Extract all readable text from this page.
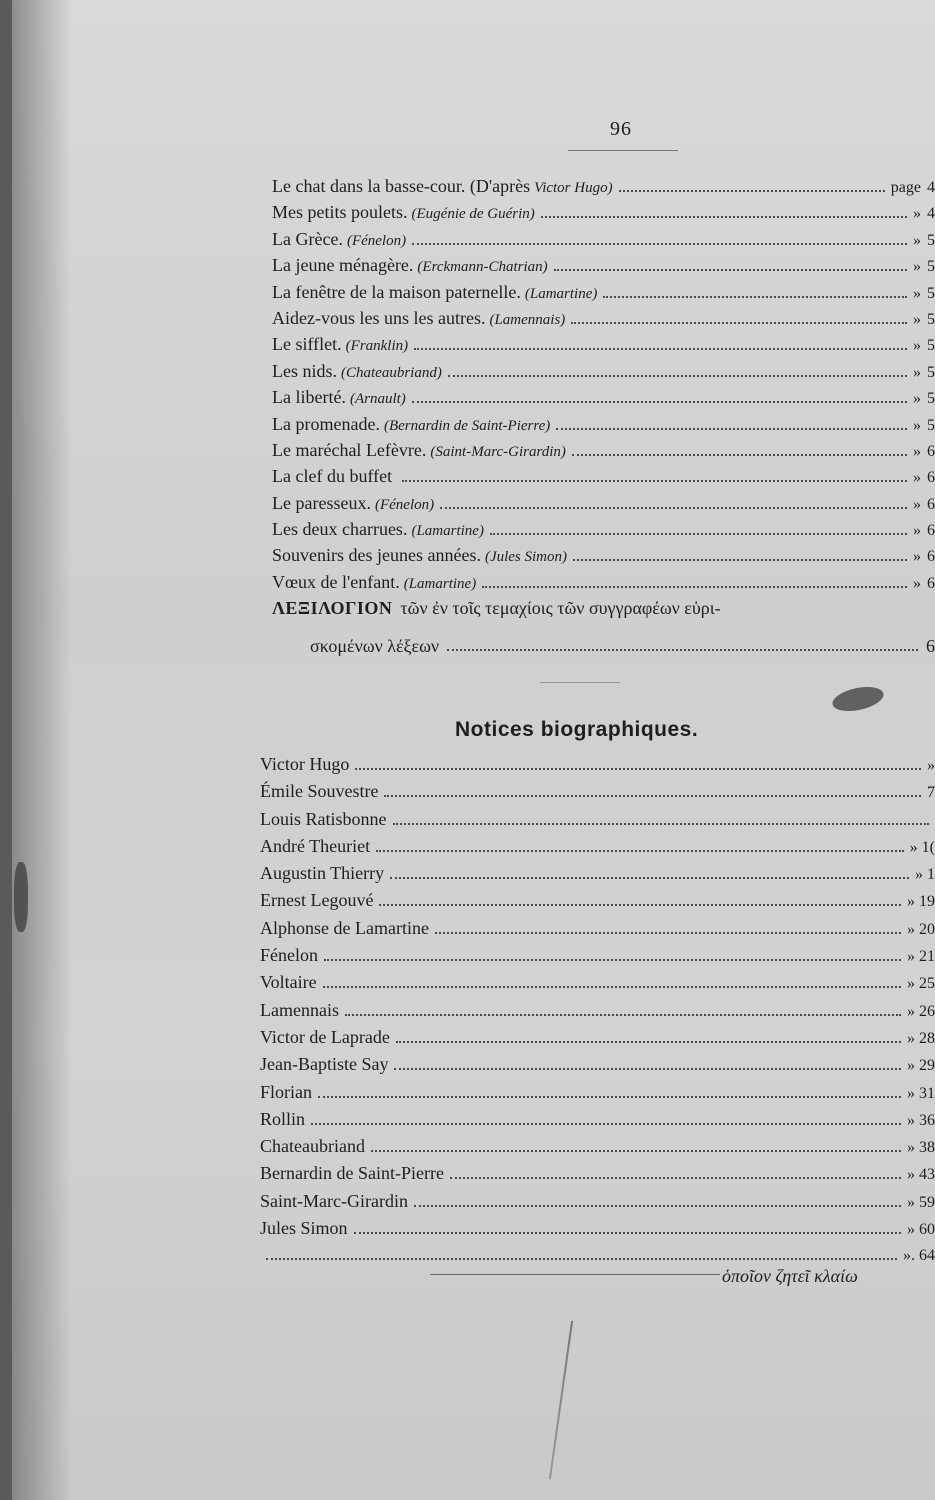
96
Le chat dans la basse-cour. (D'après Victor Hugo)	page 4
Mes petits poulets. (Eugénie de Guérin)	» 4
La Grèce. (Fénelon)	» 5
La jeune ménagère. (Erckmann-Chatrian)	» 5
La fenêtre de la maison paternelle. (Lamartine)	» 5
Aidez-vous les uns les autres. (Lamennais)	» 5
Le sifflet. (Franklin)	» 5
Les nids. (Chateaubriand)	» 5
La liberté. (Arnault)	» 5
La promenade. (Bernardin de Saint-Pierre)	» 5
Le maréchal Lefèvre. (Saint-Marc-Girardin)	» 6
La clef du buffet	» 6
Le paresseux. (Fénelon)	» 6
Les deux charrues. (Lamartine)	» 6
Souvenirs des jeunes années. (Jules Simon)	» 6
Vœux de l'enfant. (Lamartine)	» 6
ΛΕΞΙΛΟΓΙΟΝ τῶν ἐν τοῖς τεμαχίοις τῶν συγγραφέων εὑρι-
σκομένων λέξεων	6
Notices biographiques.
Victor Hugo	»
Émile Souvestre	7
Louis Ratisbonne
André Theuriet	» 1(
Augustin Thierry	» 1
Ernest Legouvé	» 19
Alphonse de Lamartine	» 20
Fénelon	» 21
Voltaire	» 25
Lamennais	» 26
Victor de Laprade	» 28
Jean-Baptiste Say	» 29
Florian	» 31
Rollin	» 36
Chateaubriand	» 38
Bernardin de Saint-Pierre	» 43
Saint-Marc-Girardin	» 59
Jules Simon	» 60
». 64
ὁποῖον ζητεῖ κλαίω
